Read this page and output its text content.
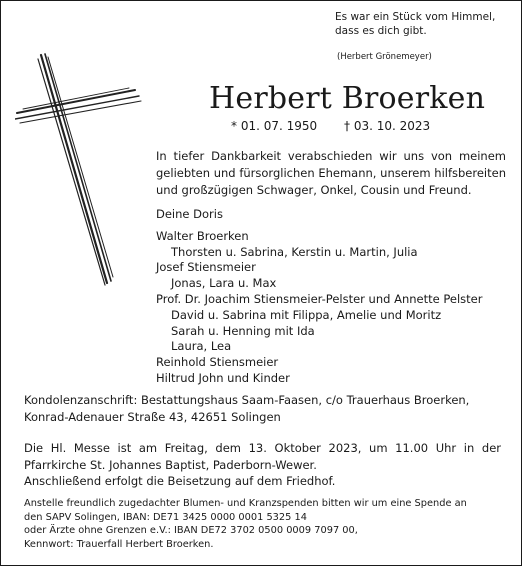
Es war ein Stück vom Himmel,
dass es dich gibt.
(Herbert Grönemeyer)
Herbert Broerken
* 01. 07. 1950 † 03. 10. 2023
In tiefer Dankbarkeit verabschieden wir uns von meinem geliebten und fürsorglichen Ehemann, unserem hilfsbereiten und großzügigen Schwager, Onkel, Cousin und Freund.
Deine Doris
Walter Broerken
Thorsten u. Sabrina, Kerstin u. Martin, Julia
Josef Stiensmeier
Jonas, Lara u. Max
Prof. Dr. Joachim Stiensmeier-Pelster und Annette Pelster
David u. Sabrina mit Filippa, Amelie und Moritz
Sarah u. Henning mit Ida
Laura, Lea
Reinhold Stiensmeier
Hiltrud John und Kinder
Kondolenzanschrift: Bestattungshaus Saam-Faasen, c/o Trauerhaus Broerken,
Konrad-Adenauer Straße 43, 42651 Solingen
Die Hl. Messe ist am Freitag, dem 13. Oktober 2023, um 11.00 Uhr in der
Pfarrkirche St. Johannes Baptist, Paderborn-Wewer.
Anschließend erfolgt die Beisetzung auf dem Friedhof.
Anstelle freundlich zugedachter Blumen- und Kranzspenden bitten wir um eine Spende an
den SAPV Solingen, IBAN: DE71 3425 0000 0001 5325 14
oder Ärzte ohne Grenzen e.V.: IBAN DE72 3702 0500 0009 7097 00,
Kennwort: Trauerfall Herbert Broerken.
